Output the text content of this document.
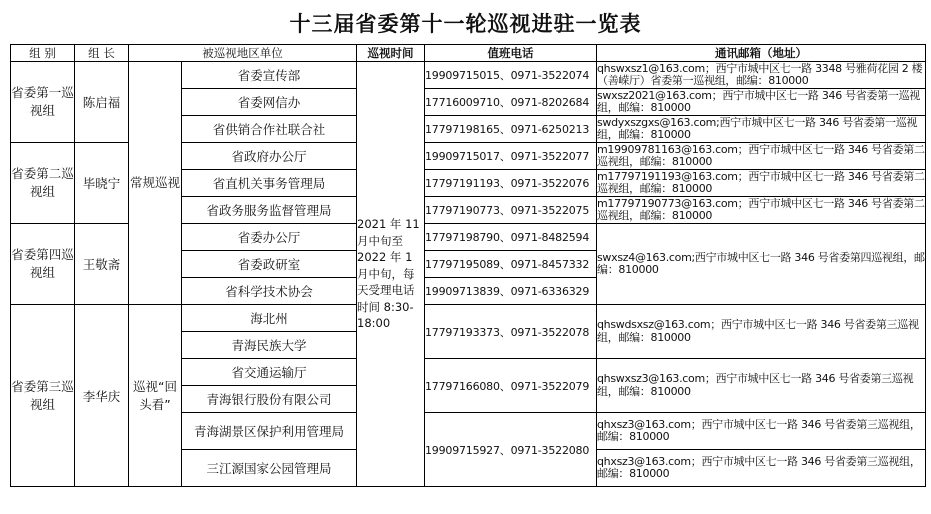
十三届省委第十一轮巡视进驻一览表
组 别	组 长	被巡视地区单位		巡视时间	值班电话	通讯邮箱（地址）
省委第一巡视组	陈启福	常规巡视	省委宣传部	2021 年 11 月中旬至 2022 年 1 月中旬，每天受理电话时间 8:30-18:00	19909715015、0971-3522074	qhswxsz1@163.com；西宁市城中区七一路 3348 号雅荷花园 2 楼（善嵘厅）省委第一巡视组，邮编：810000
			省委网信办		17716009710、0971-8202684	swxsz2021@163.com；西宁市城中区七一路 346 号省委第一巡视组，邮编：810000
			省供销合作社联合社		17797198165、0971-6250213	swdyxszgxs@163.com;西宁市城中区七一路 346 号省委第一巡视组，邮编：810000
省委第二巡视组	毕晓宁		省政府办公厅		19909715017、0971-3522077	m19909781163@163.com；西宁市城中区七一路 346 号省委第二巡视组，邮编：810000
			省直机关事务管理局		17797191193、0971-3522076	m17797191193@163.com；西宁市城中区七一路 346 号省委第二巡视组，邮编：810000
			省政务服务监督管理局		17797190773、0971-3522075	m17797190773@163.com；西宁市城中区七一路 346 号省委第二巡视组，邮编：810000
省委第四巡视组	王敬斋		省委办公厅		17797198790、0971-8482594	swxsz4@163.com;西宁市城中区七一路 346 号省委第四巡视组，邮编：810000
			省委政研室		17797195089、0971-8457332	
			省科学技术协会		19909713839、0971-6336329	
省委第三巡视组	李华庆	巡视“回头看”	海北州		17797193373、0971-3522078	qhswdsxsz@163.com；西宁市城中区七一路 346 号省委第三巡视组，邮编：810000
			青海民族大学			
			省交通运输厅		17797166080、0971-3522079	qhswxsz3@163.com；西宁市城中区七一路 346 号省委第三巡视组，邮编：810000
			青海银行股份有限公司			
			青海湖景区保护利用管理局		19909715927、0971-3522080	qhxsz3@163.com；西宁市城中区七一路 346 号省委第三巡视组，邮编：810000
			三江源国家公园管理局			qhxsz3@163.com；西宁市城中区七一路 346 号省委第三巡视组，邮编：810000
